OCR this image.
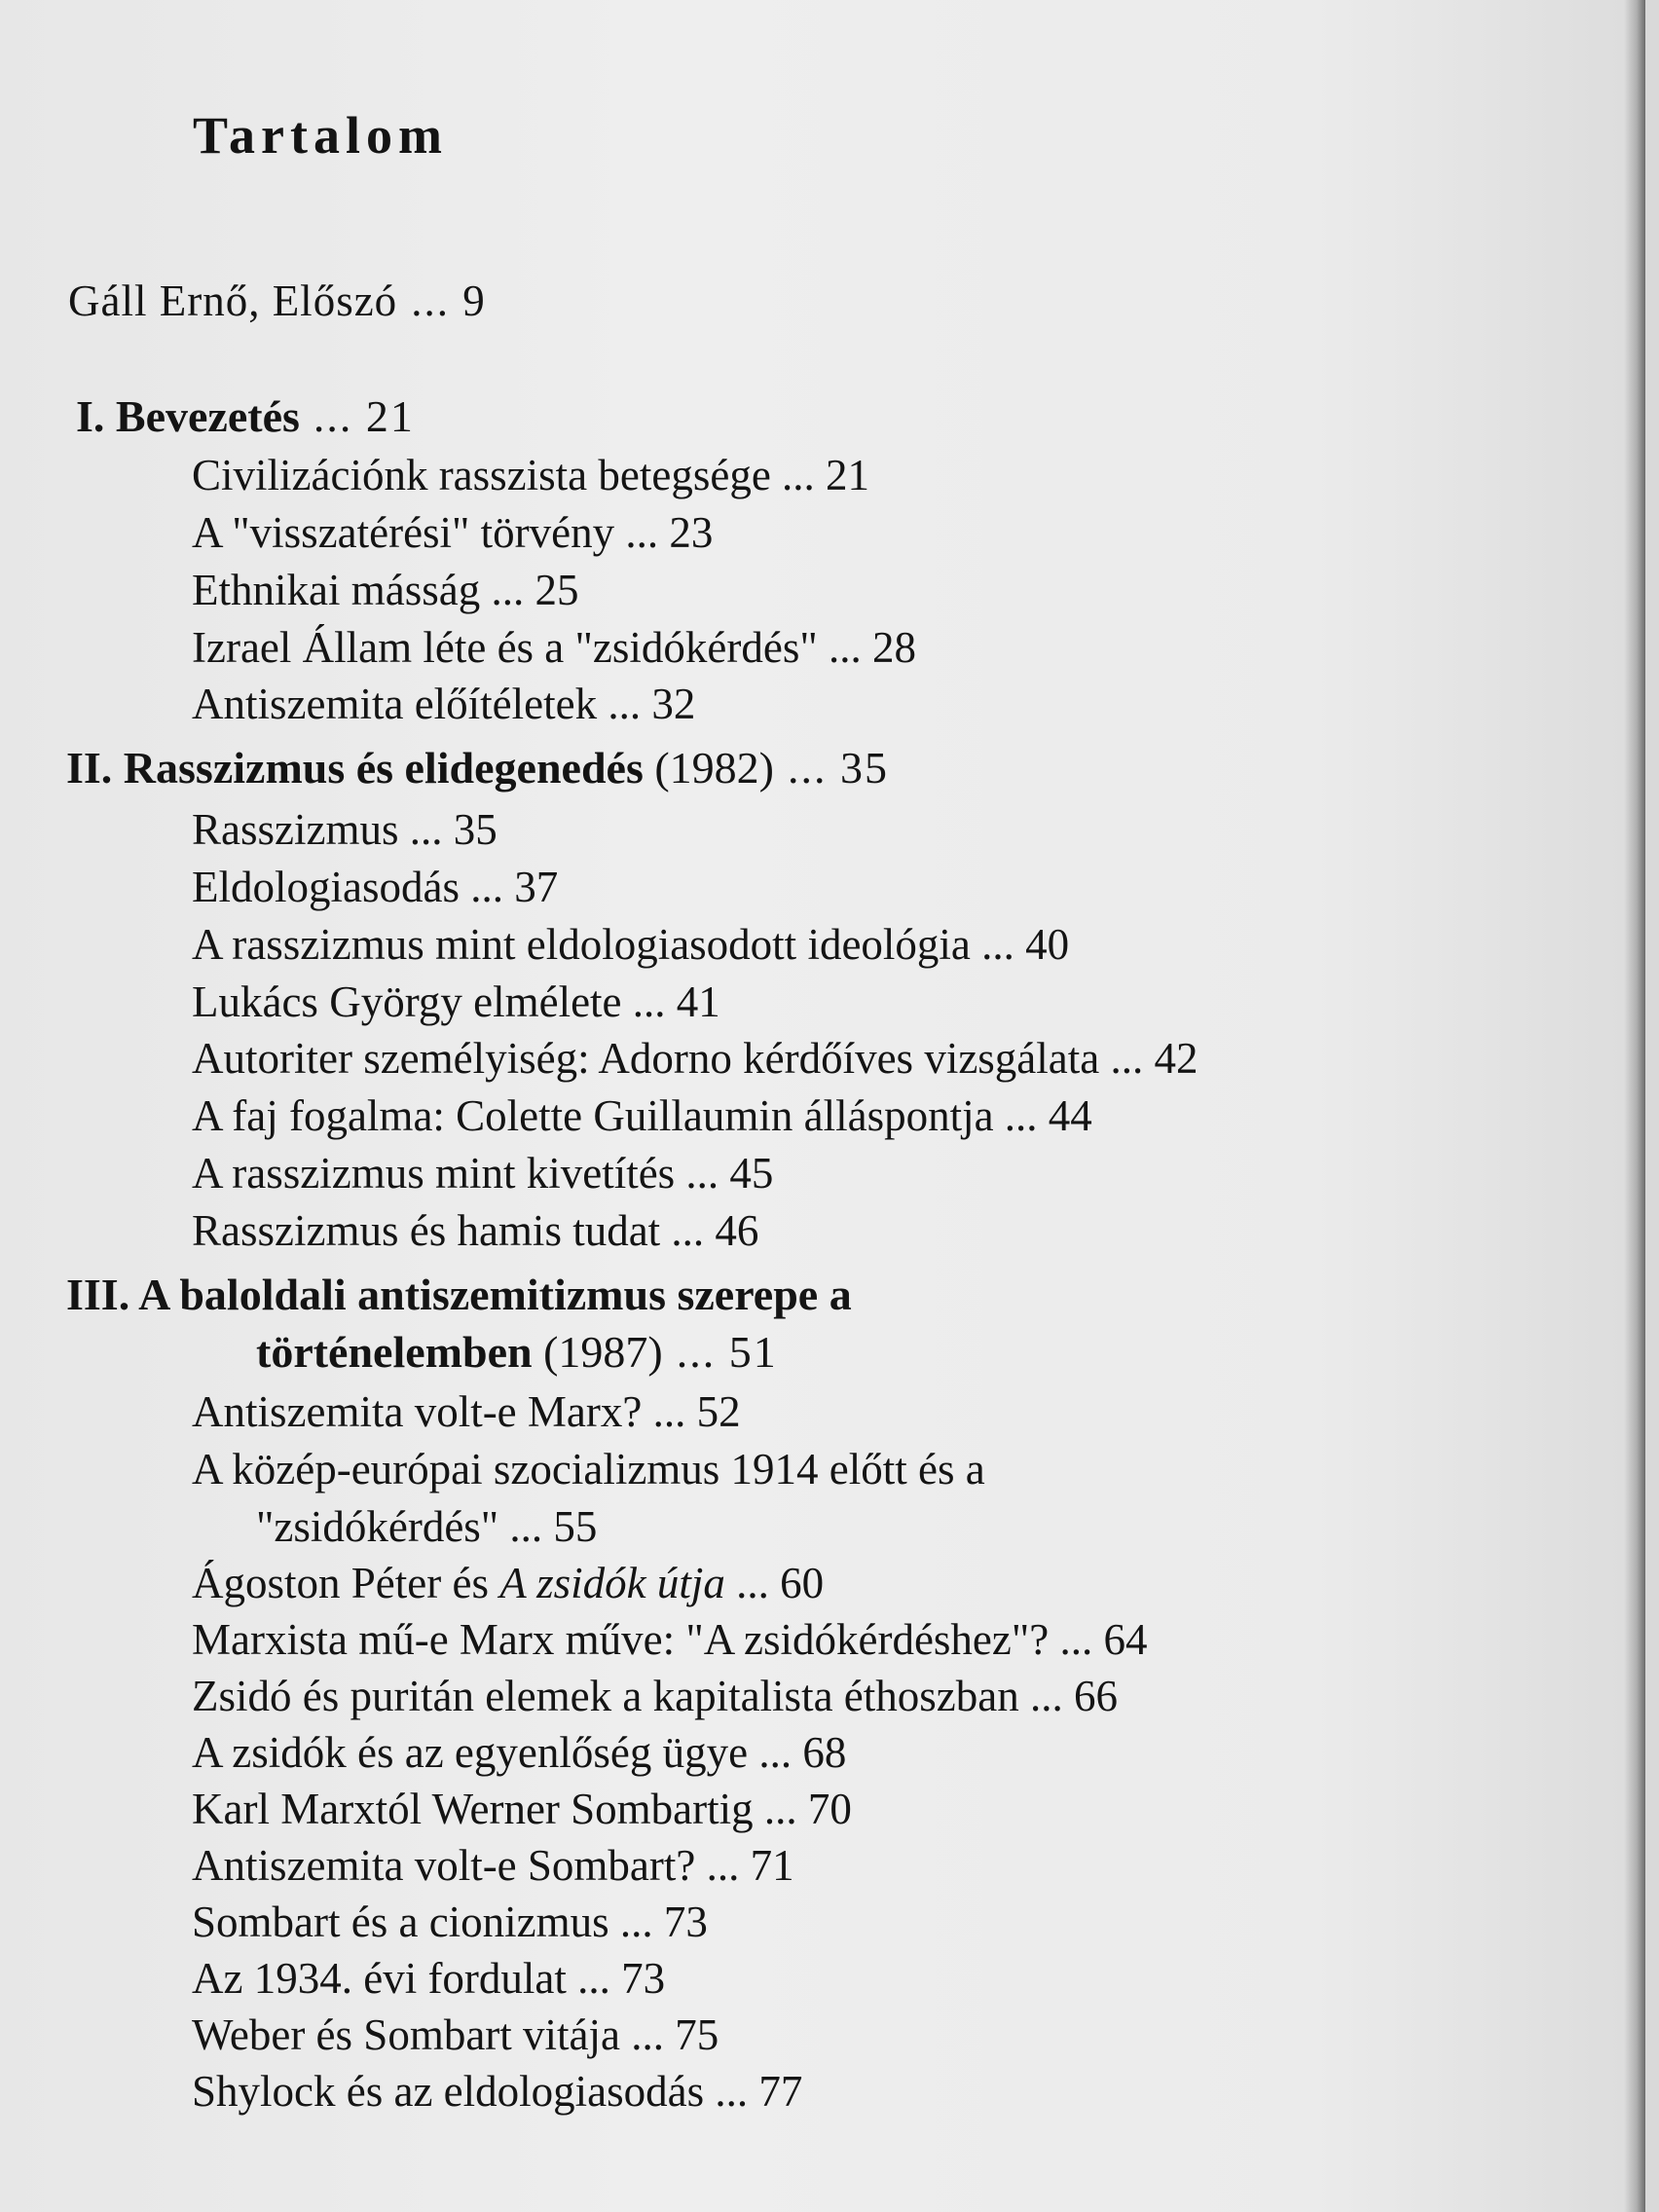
Tartalom
Gáll Ernő, Előszó ... 9
I. Bevezetés ... 21
Civilizációnk rasszista betegsége ... 21
A "visszatérési" törvény ... 23
Ethnikai másság ... 25
Izrael Állam léte és a "zsidókérdés" ... 28
Antiszemita előítéletek ... 32
II. Rasszizmus és elidegenedés (1982) ... 35
Rasszizmus ... 35
Eldologiasodás ... 37
A rasszizmus mint eldologiasodott ideológia ... 40
Lukács György elmélete ... 41
Autoriter személyiség: Adorno kérdőíves vizsgálata ... 42
A faj fogalma: Colette Guillaumin álláspontja ... 44
A rasszizmus mint kivetítés ... 45
Rasszizmus és hamis tudat ... 46
III. A baloldali antiszemitizmus szerepe a
történelemben (1987) ... 51
Antiszemita volt-e Marx? ... 52
A közép-európai szocializmus 1914 előtt és a
"zsidókérdés" ... 55
Ágoston Péter és A zsidók útja ... 60
Marxista mű-e Marx műve: "A zsidókérdéshez"? ... 64
Zsidó és puritán elemek a kapitalista éthoszban ... 66
A zsidók és az egyenlőség ügye ... 68
Karl Marxtól Werner Sombartig ... 70
Antiszemita volt-e Sombart? ... 71
Sombart és a cionizmus ... 73
Az 1934. évi fordulat ... 73
Weber és Sombart vitája ... 75
Shylock és az eldologiasodás ... 77
